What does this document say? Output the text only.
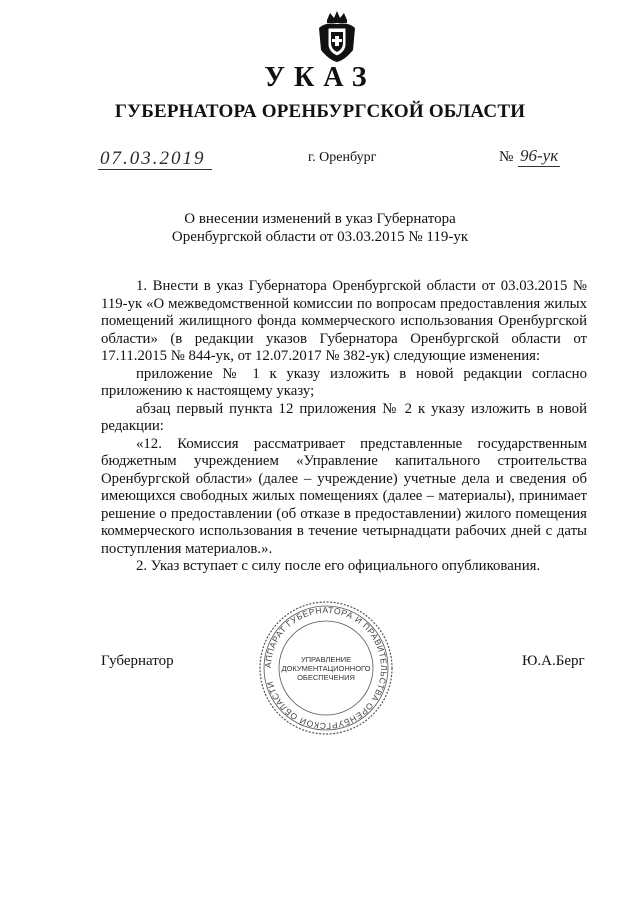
УКАЗ
ГУБЕРНАТОРА ОРЕНБУРГСКОЙ ОБЛАСТИ
07.03.2019	г. Оренбург	№ 96-ук
О внесении изменений в указ Губернатора
Оренбургской области от 03.03.2015 № 119-ук

1. Внести в указ Губернатора Оренбургской области от 03.03.2015 № 119-ук «О межведомственной комиссии по вопросам предоставления жилых помещений жилищного фонда коммерческого использования Оренбургской области» (в редакции указов Губернатора Оренбургской области от 17.11.2015 № 844-ук, от 12.07.2017 № 382-ук) следующие изменения:

приложение № 1 к указу изложить в новой редакции согласно приложению к настоящему указу;

абзац первый пункта 12 приложения № 2 к указу изложить в новой редакции:

«12. Комиссия рассматривает представленные государственным бюджетным учреждением «Управление капитального строительства Оренбургской области» (далее – учреждение) учетные дела и сведения об имеющихся свободных жилых помещениях (далее – материалы), принимает решение о предоставлении (об отказе в предоставлении) жилого помещения коммерческого использования в течение четырнадцати рабочих дней с даты поступления материалов.».

2. Указ вступает с силу после его официального опубликования.

Губернатор	Ю.А.Берг
АППАРАТ ГУБЕРНАТОРА И ПРАВИТЕЛЬСТВА ОРЕНБУРГСКОЙ ОБЛАСТИ
УПРАВЛЕНИЕ
ДОКУМЕНТАЦИОННОГО
ОБЕСПЕЧЕНИЯ
